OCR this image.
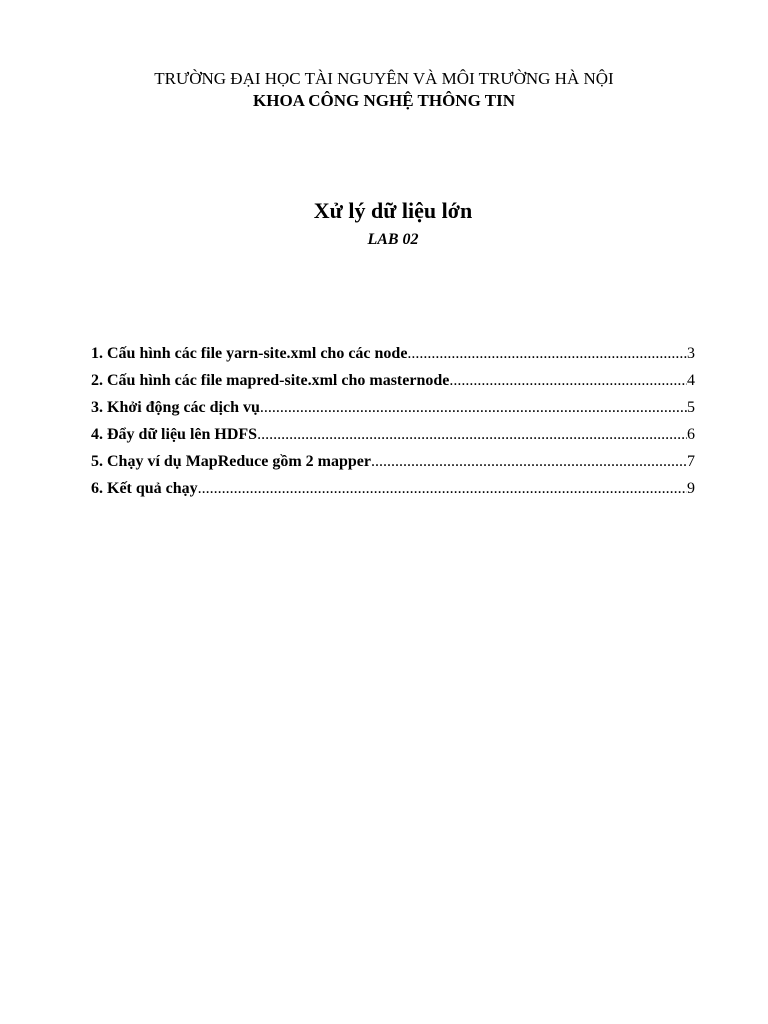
TRƯỜNG ĐẠI HỌC TÀI NGUYÊN VÀ MÔI TRƯỜNG HÀ NỘI
KHOA CÔNG NGHỆ THÔNG TIN
Xử lý dữ liệu lớn
LAB 02
1. Cấu hình các file yarn-site.xml cho các node .....	3
2. Cấu hình các file mapred-site.xml cho masternode .....	4
3. Khởi động các dịch vụ .....	5
4. Đẩy dữ liệu lên HDFS .....	6
5. Chạy ví dụ MapReduce gồm 2 mapper .....	7
6. Kết quả chạy .....	9
